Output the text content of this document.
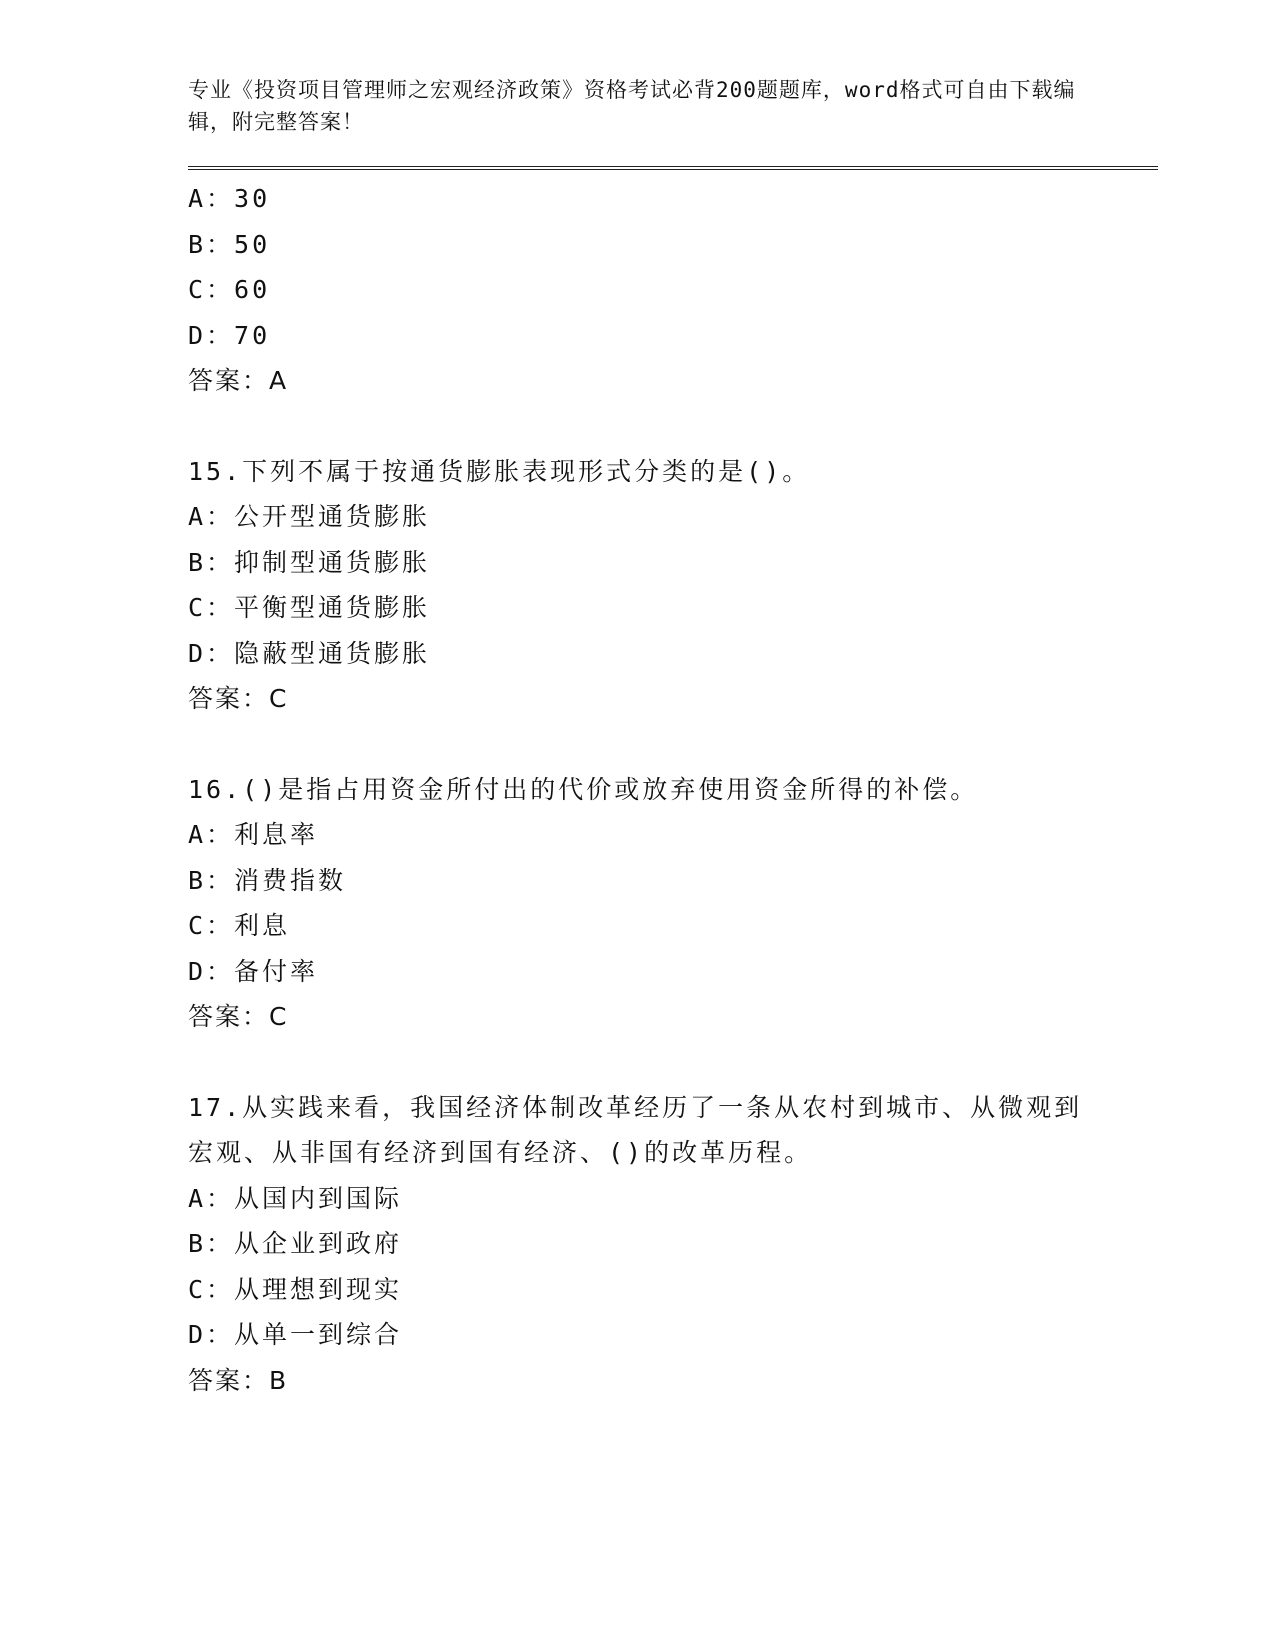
专业《投资项目管理师之宏观经济政策》资格考试必背200题题库，word格式可自由下载编辑，附完整答案！
A：30
B：50
C：60
D：70
答案：A
15.下列不属于按通货膨胀表现形式分类的是()。
A：公开型通货膨胀
B：抑制型通货膨胀
C：平衡型通货膨胀
D：隐蔽型通货膨胀
答案：C
16.()是指占用资金所付出的代价或放弃使用资金所得的补偿。
A：利息率
B：消费指数
C：利息
D：备付率
答案：C
17.从实践来看，我国经济体制改革经历了一条从农村到城市、从微观到宏观、从非国有经济到国有经济、()的改革历程。
A：从国内到国际
B：从企业到政府
C：从理想到现实
D：从单一到综合
答案：B
